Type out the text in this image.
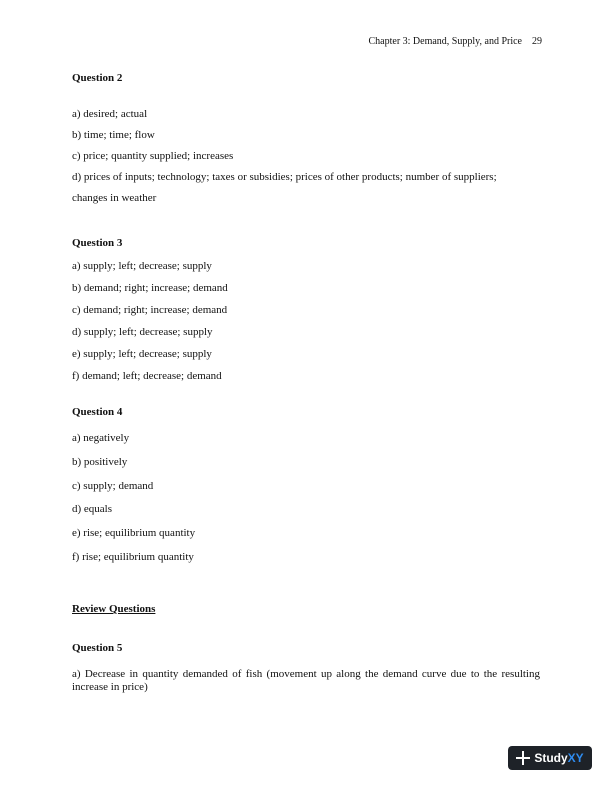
Chapter 3: Demand, Supply, and Price 29
Question 2
a) desired; actual
b) time; time; flow
c) price; quantity supplied; increases
d) prices of inputs; technology; taxes or subsidies; prices of other products; number of suppliers;
changes in weather
Question 3
a) supply; left; decrease; supply
b) demand; right; increase; demand
c) demand; right; increase; demand
d) supply; left; decrease; supply
e) supply; left; decrease; supply
f) demand; left; decrease; demand
Question 4
a) negatively
b) positively
c) supply; demand
d) equals
e) rise; equilibrium quantity
f) rise; equilibrium quantity
Review Questions
Question 5
a) Decrease in quantity demanded of fish (movement up along the demand curve due to the resulting increase in price)
StudyXY
